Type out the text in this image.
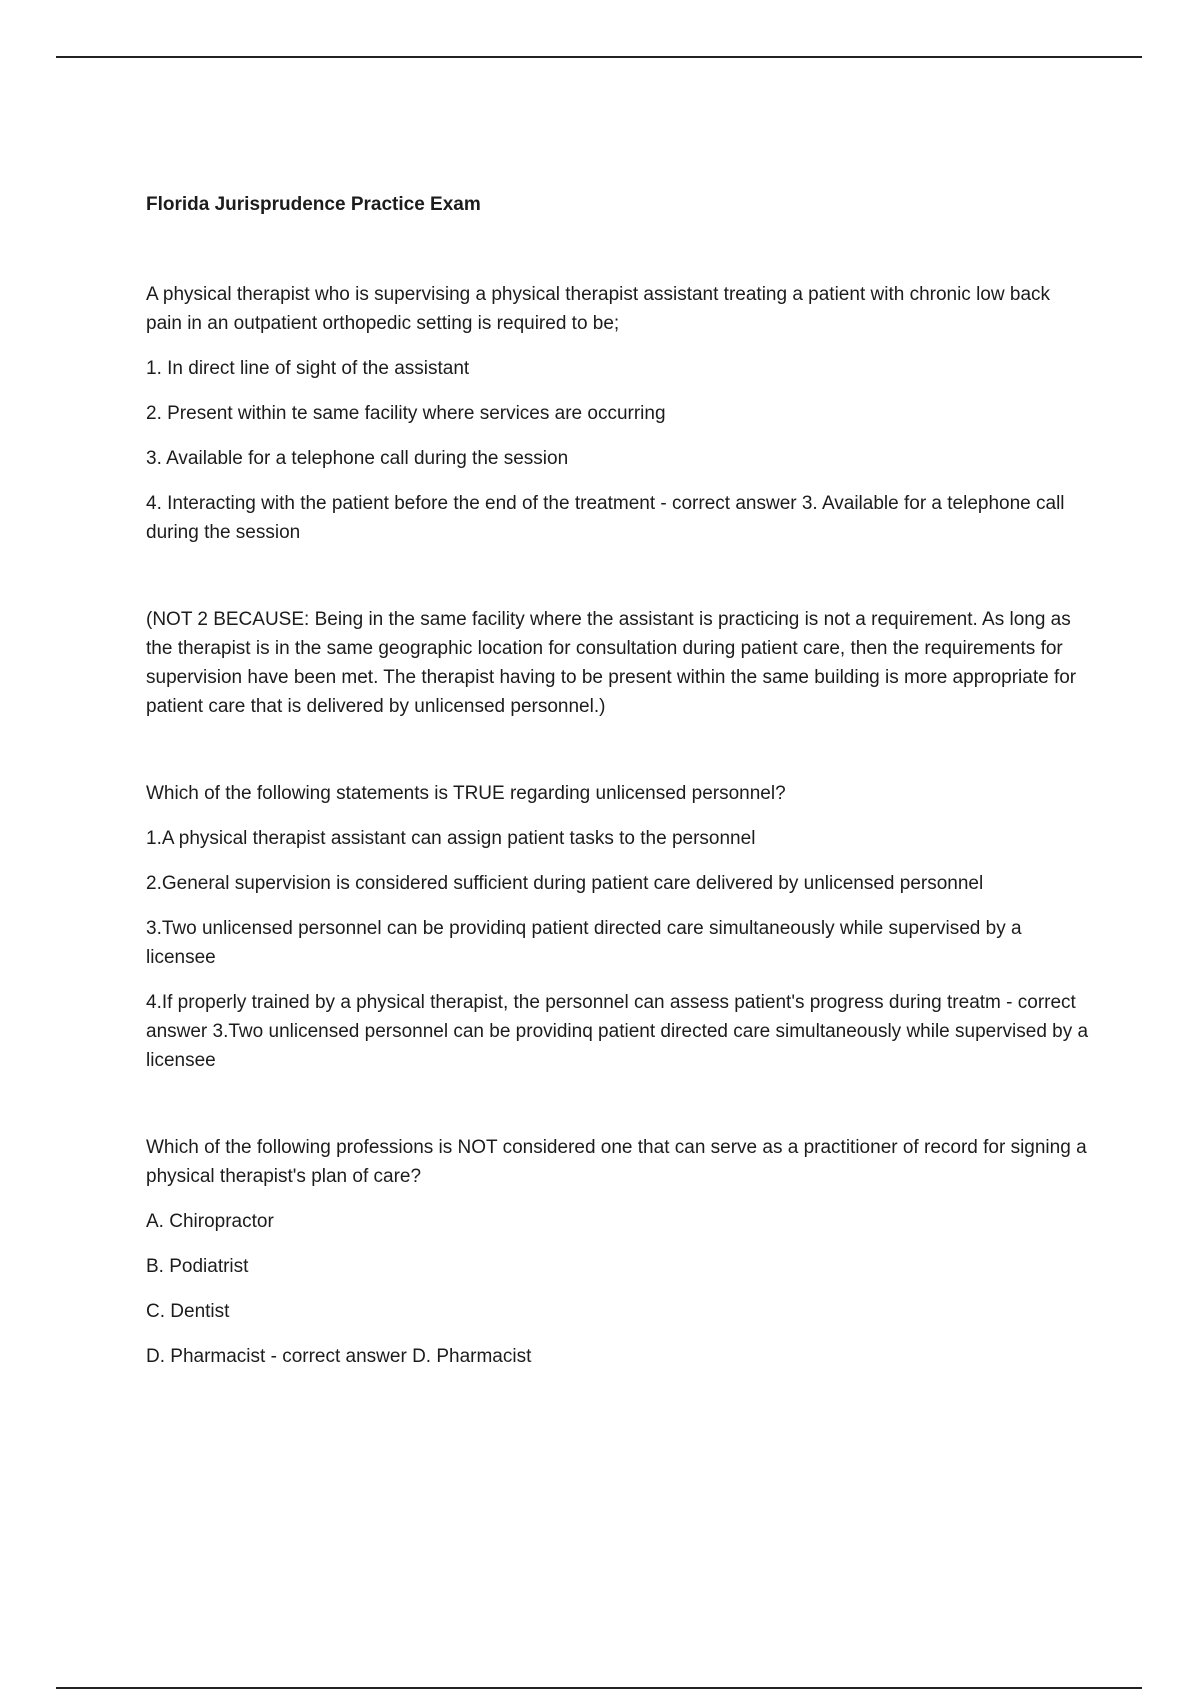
Florida Jurisprudence Practice Exam
A physical therapist who is supervising a physical therapist assistant treating a patient with chronic low back pain in an outpatient orthopedic setting is required to be;
1. In direct line of sight of the assistant
2. Present within te same facility where services are occurring
3. Available for a telephone call during the session
4. Interacting with the patient before the end of the treatment - correct answer 3. Available for a telephone call during the session
(NOT 2 BECAUSE: Being in the same facility where the assistant is practicing is not a requirement. As long as the therapist is in the same geographic location for consultation during patient care, then the requirements for supervision have been met. The therapist having to be present within the same building is more appropriate for patient care that is delivered by unlicensed personnel.)
Which of the following statements is TRUE regarding unlicensed personnel?
1.A physical therapist assistant can assign patient tasks to the personnel
2.General supervision is considered sufficient during patient care delivered by unlicensed personnel
3.Two unlicensed personnel can be providinq patient directed care simultaneously while supervised by a licensee
4.If properly trained by a physical therapist, the personnel can assess patient's progress during treatm - correct answer 3.Two unlicensed personnel can be providinq patient directed care simultaneously while supervised by a licensee
Which of the following professions is NOT considered one that can serve as a practitioner of record for signing a physical therapist's plan of care?
A. Chiropractor
B. Podiatrist
C. Dentist
D. Pharmacist - correct answer D. Pharmacist
